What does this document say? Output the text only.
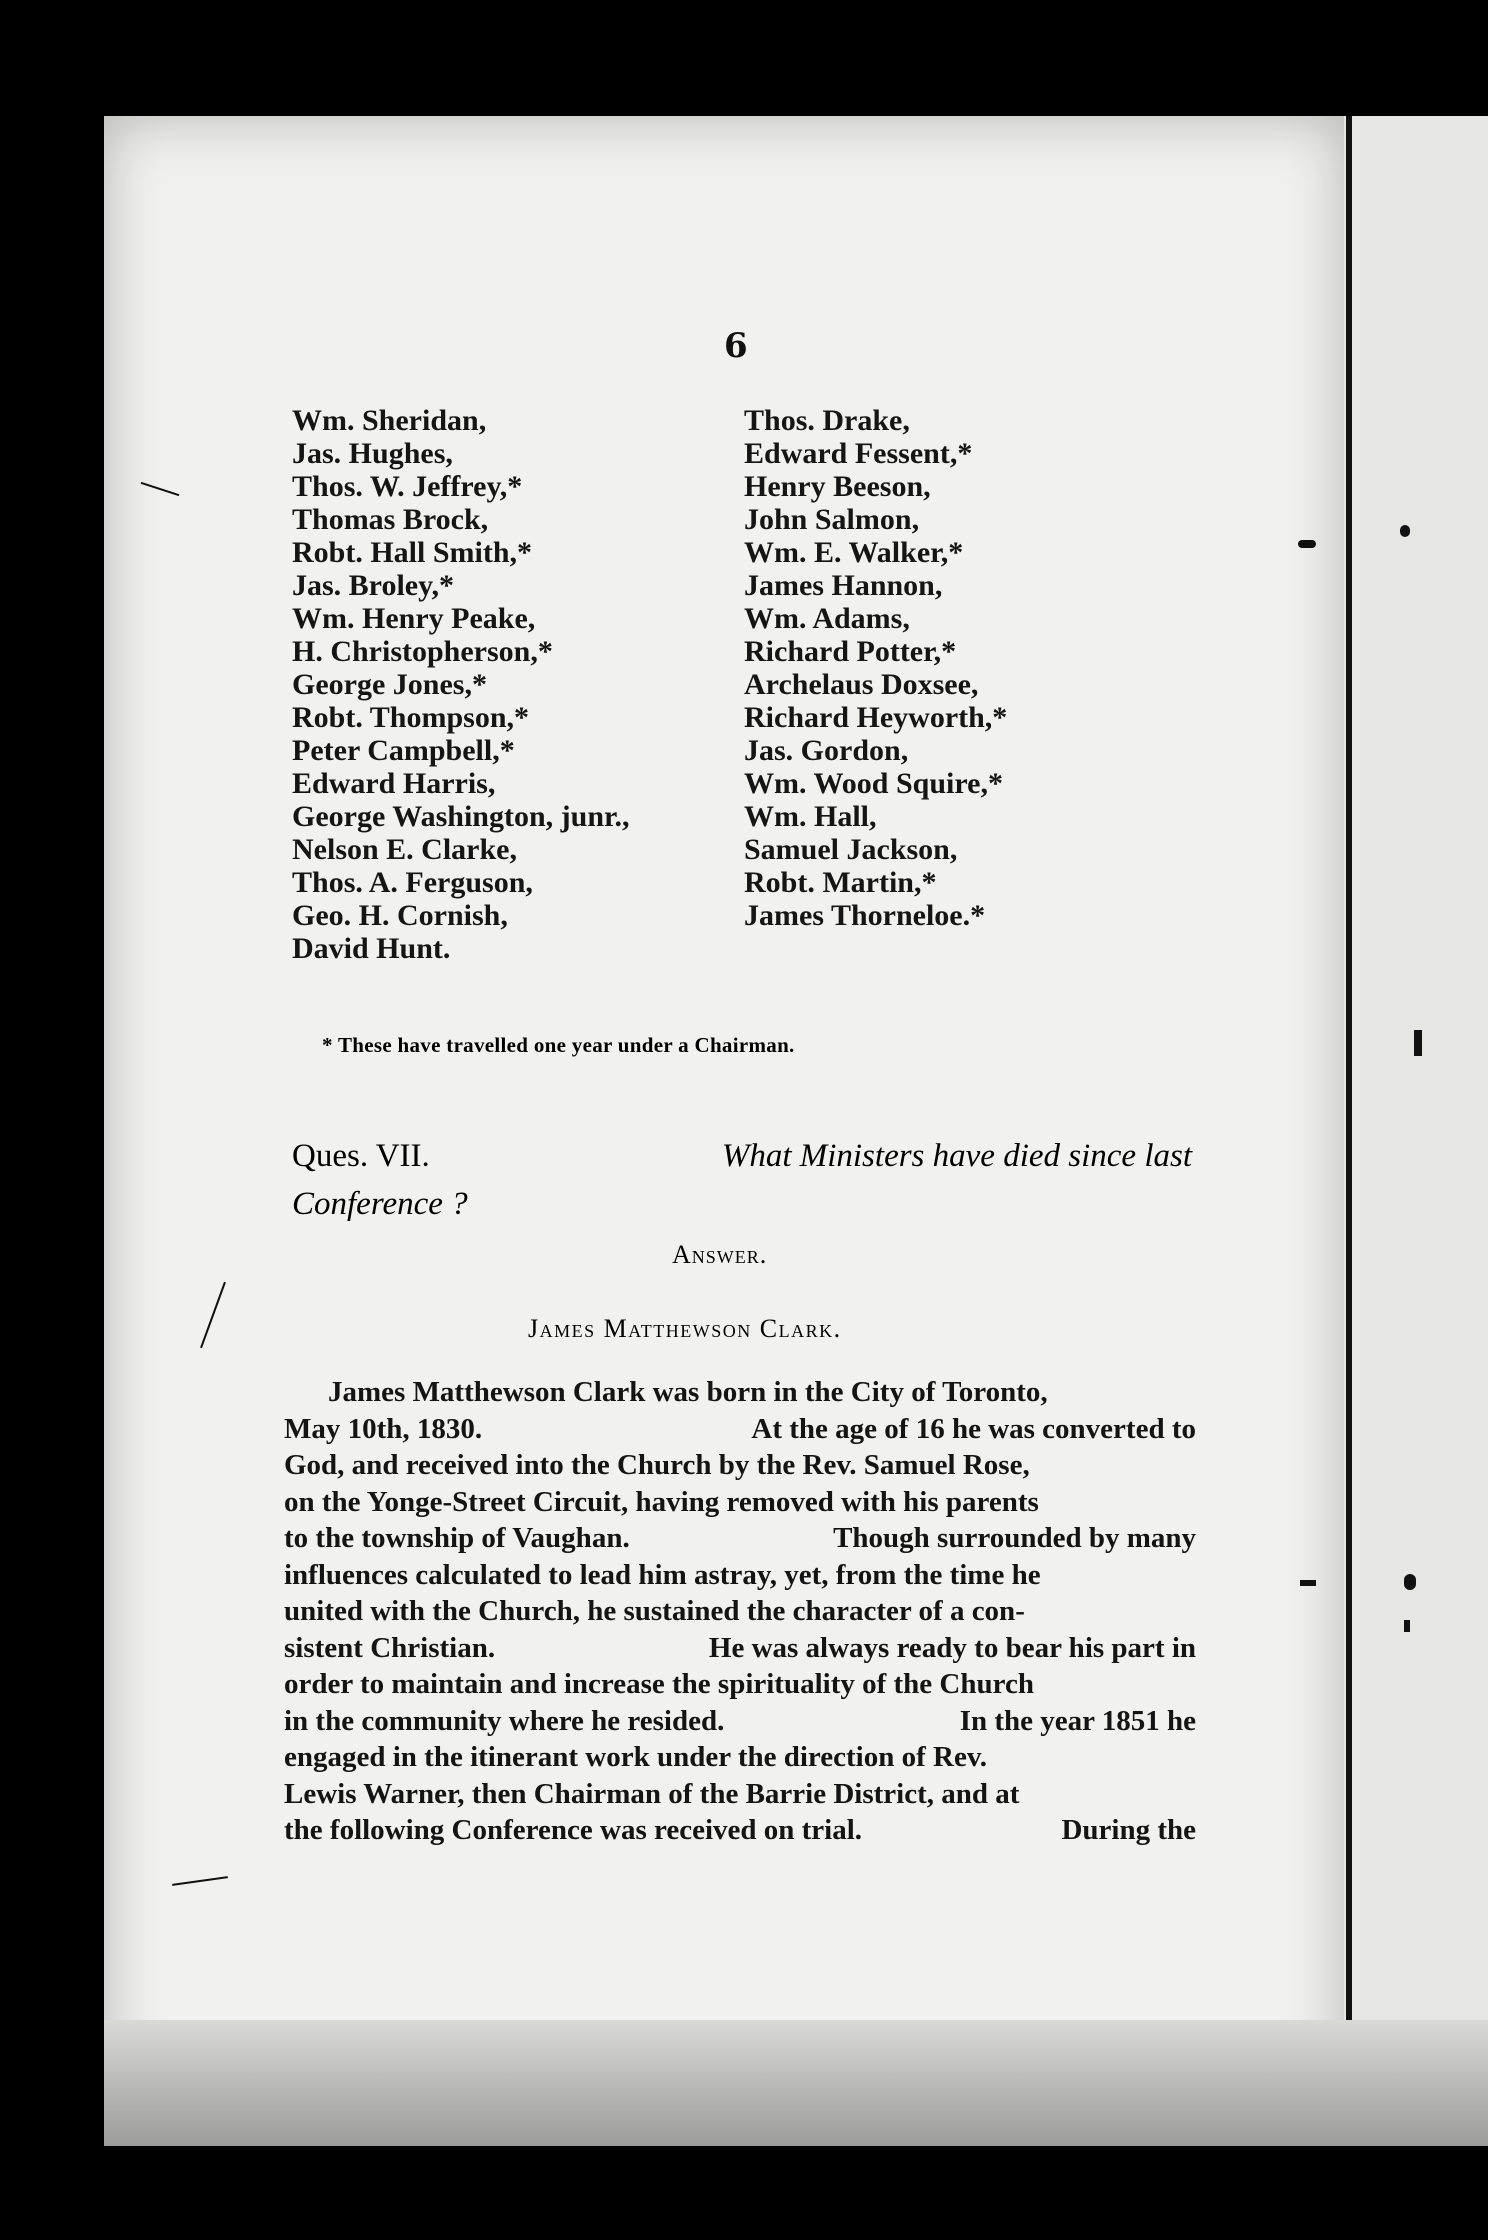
6
Wm. Sheridan,
Jas. Hughes,
Thos. W. Jeffrey,*
Thomas Brock,
Robt. Hall Smith,*
Jas. Broley,*
Wm. Henry Peake,
H. Christopherson,*
George Jones,*
Robt. Thompson,*
Peter Campbell,*
Edward Harris,
George Washington, junr.,
Nelson E. Clarke,
Thos. A. Ferguson,
Geo. H. Cornish,
David Hunt.
Thos. Drake,
Edward Fessent,*
Henry Beeson,
John Salmon,
Wm. E. Walker,*
James Hannon,
Wm. Adams,
Richard Potter,*
Archelaus Doxsee,
Richard Heyworth,*
Jas. Gordon,
Wm. Wood Squire,*
Wm. Hall,
Samuel Jackson,
Robt. Martin,*
James Thorneloe.*
* These have travelled one year under a Chairman.
Ques. VII.	What Ministers have died since last
Conference ?
Answer.
James Matthewson Clark.
James Matthewson Clark was born in the City of Toronto,
May 10th, 1830.	At the age of 16 he was converted to
God, and received into the Church by the Rev. Samuel Rose,
on the Yonge-Street Circuit, having removed with his parents
to the township of Vaughan.	Though surrounded by many
influences calculated to lead him astray, yet, from the time he
united with the Church, he sustained the character of a con-
sistent Christian.	He was always ready to bear his part in
order to maintain and increase the spirituality of the Church
in the community where he resided.	In the year 1851 he
engaged in the itinerant work under the direction of Rev.
Lewis Warner, then Chairman of the Barrie District, and at
the following Conference was received on trial.	During the
